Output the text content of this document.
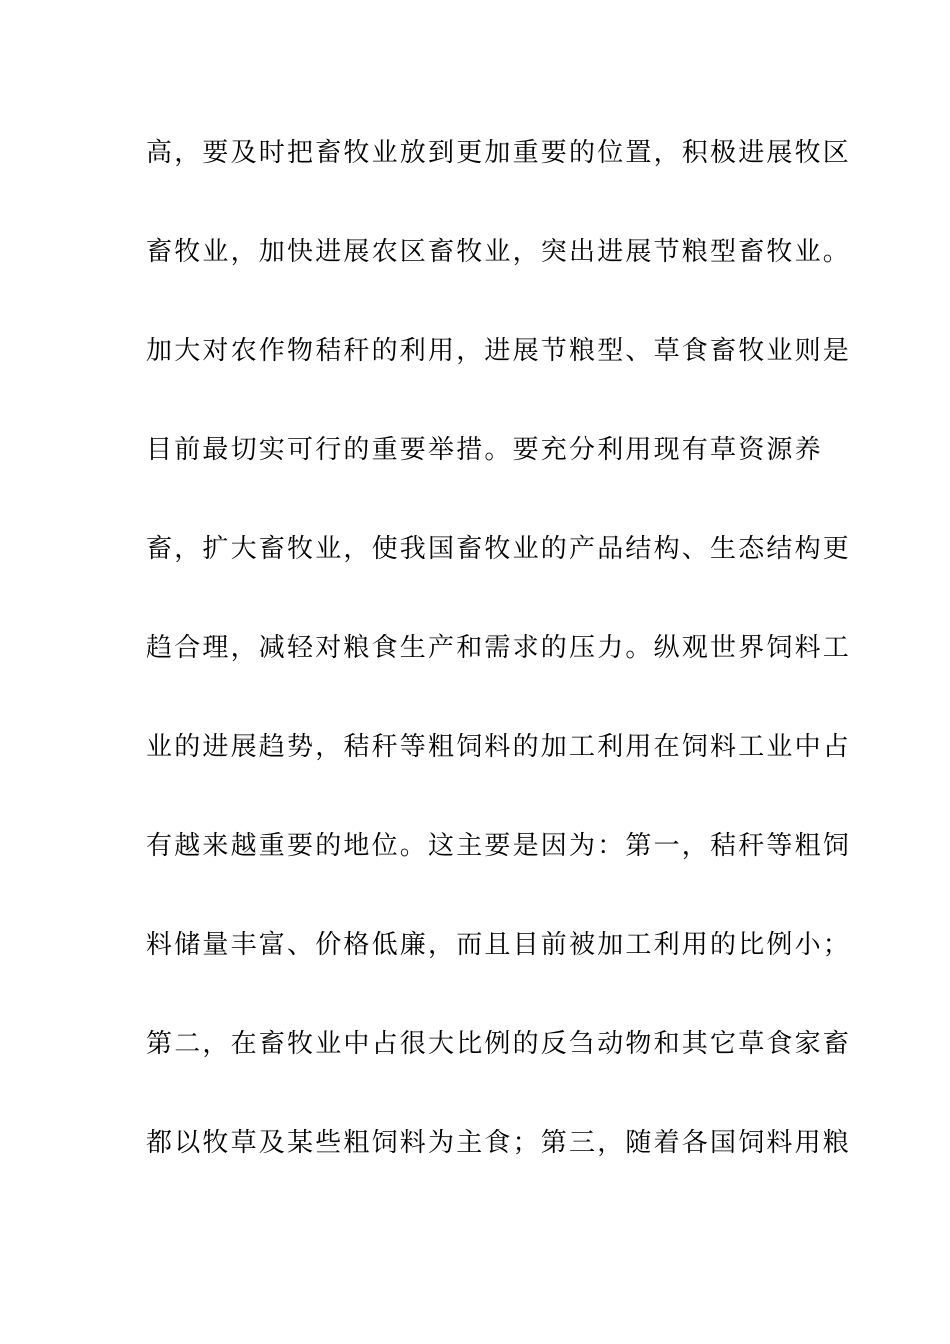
高，要及时把畜牧业放到更加重要的位置，积极进展牧区
畜牧业，加快进展农区畜牧业，突出进展节粮型畜牧业。
加大对农作物秸秆的利用，进展节粮型、草食畜牧业则是
目前最切实可行的重要举措。要充分利用现有草资源养
畜，扩大畜牧业，使我国畜牧业的产品结构、生态结构更
趋合理，减轻对粮食生产和需求的压力。纵观世界饲料工
业的进展趋势，秸秆等粗饲料的加工利用在饲料工业中占
有越来越重要的地位。这主要是因为：第一，秸秆等粗饲
料储量丰富、价格低廉，而且目前被加工利用的比例小；
第二，在畜牧业中占很大比例的反刍动物和其它草食家畜
都以牧草及某些粗饲料为主食；第三，随着各国饲料用粮
